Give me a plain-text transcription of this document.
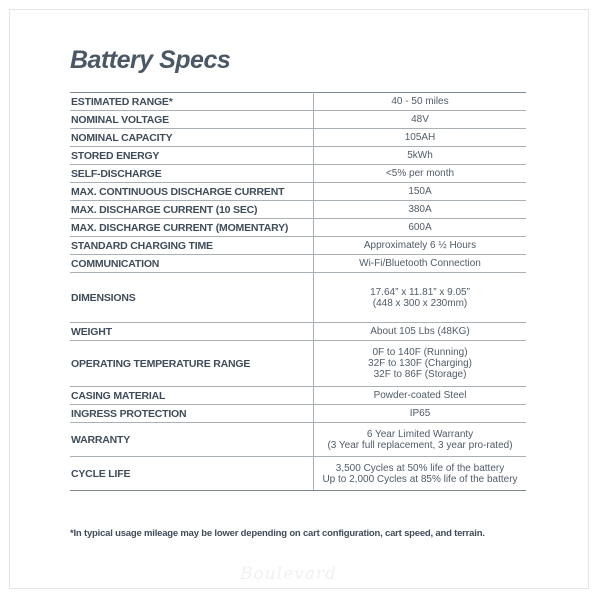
Battery Specs
ESTIMATED RANGE*	40 - 50 miles

NOMINAL VOLTAGE	48V

NOMINAL CAPACITY	105AH

STORED ENERGY	5kWh

SELF-DISCHARGE	<5% per month

MAX. CONTINUOUS DISCHARGE CURRENT	150A

MAX. DISCHARGE CURRENT (10 SEC)	380A

MAX. DISCHARGE CURRENT (MOMENTARY)	600A

STANDARD CHARGING TIME	Approximately 6 ½ Hours

COMMUNICATION	Wi-Fi/Bluetooth Connection

DIMENSIONS	17.64” x 11.81” x 9.05”
(448 x 300 x 230mm)

WEIGHT	About 105 Lbs (48KG)

OPERATING TEMPERATURE RANGE	0F to 140F (Running)
32F to 130F (Charging)
32F to 86F (Storage)

CASING MATERIAL	Powder-coated Steel

INGRESS PROTECTION	IP65

WARRANTY	6 Year Limited Warranty
(3 Year full replacement, 3 year pro-rated)

CYCLE LIFE	3,500 Cycles at 50% life of the battery
Up to 2,000 Cycles at 85% life of the battery
*In typical usage mileage may be lower depending on cart configuration, cart speed, and terrain.
Boulevard
